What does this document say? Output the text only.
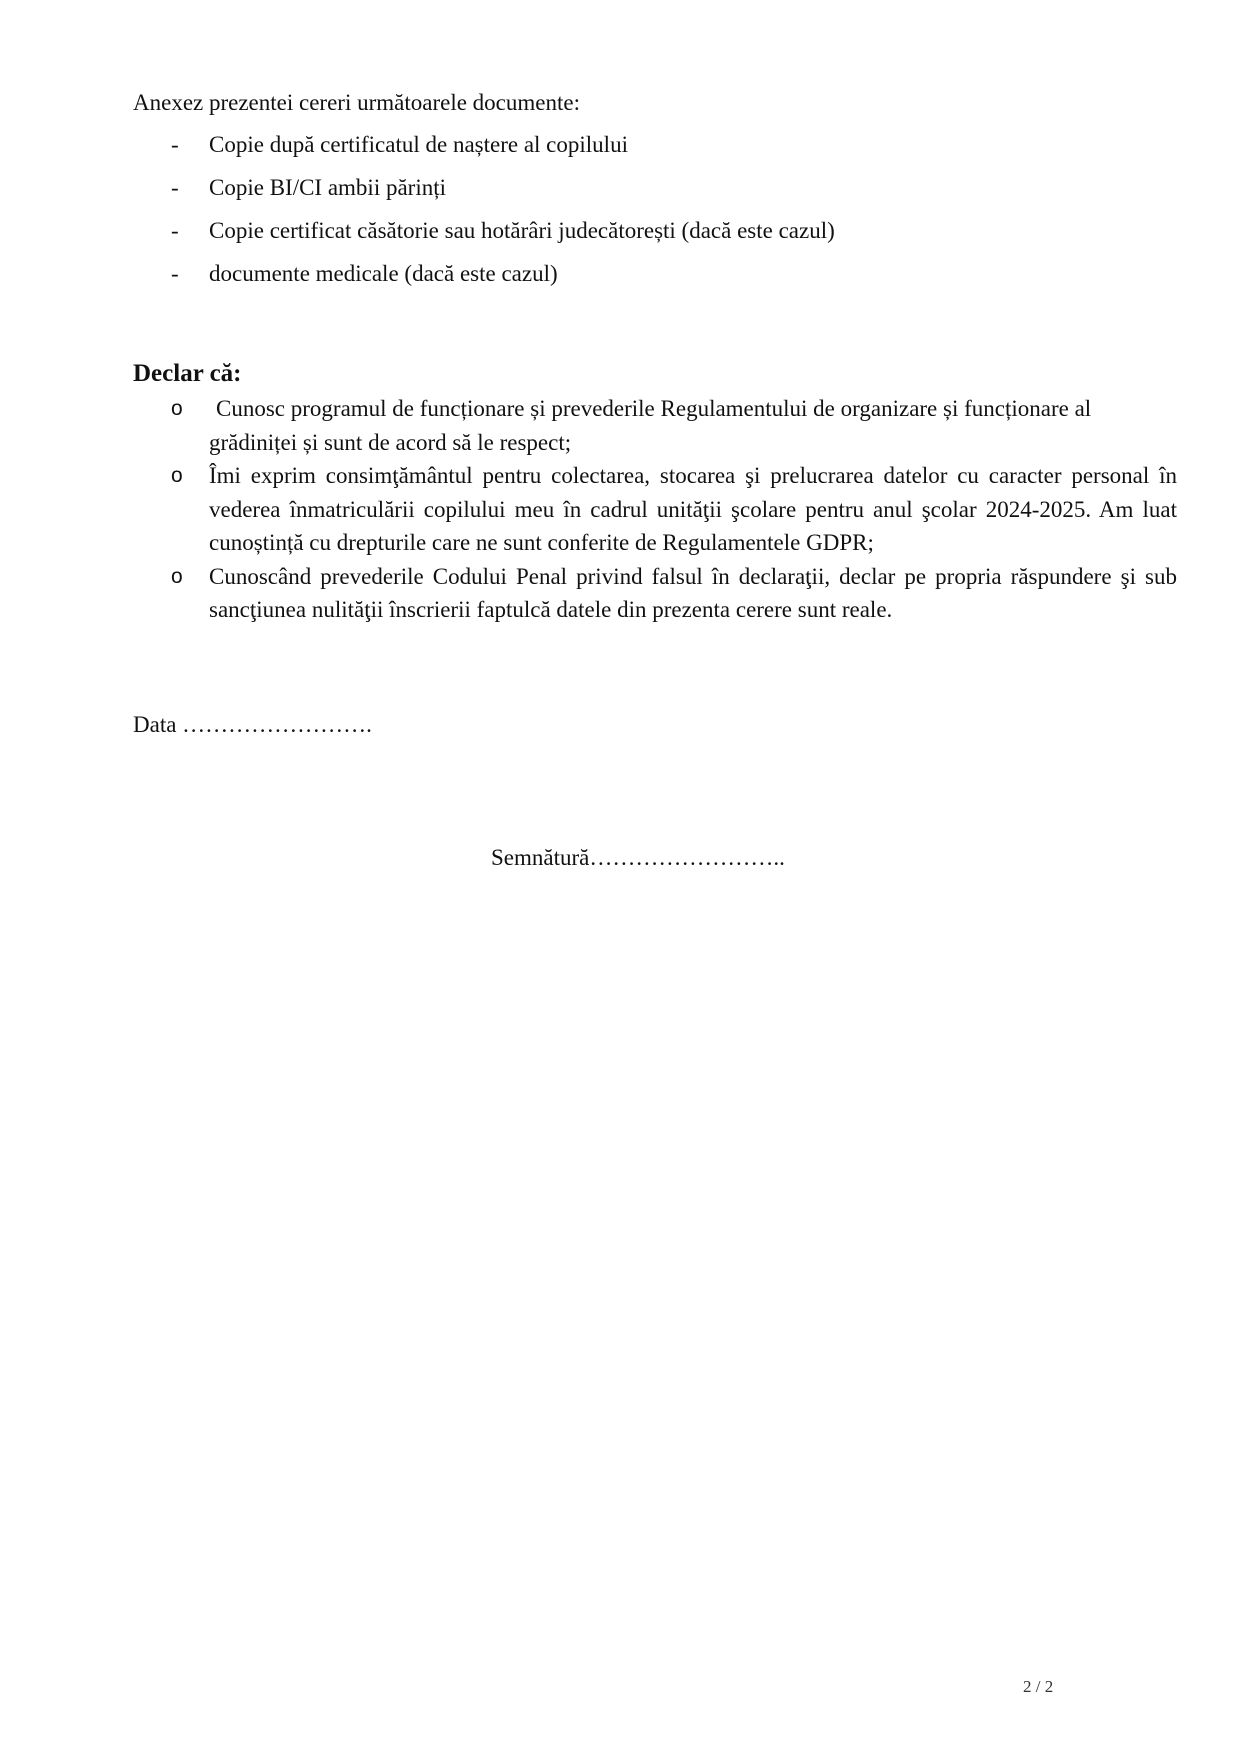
Anexez prezentei cereri următoarele documente:
- Copie după certificatul de naștere al copilului
- Copie BI/CI ambii părinți
- Copie certificat căsătorie sau hotărâri judecătorești (dacă este cazul)
- documente medicale (dacă este cazul)
Declar că:
o	Cunosc programul de funcționare și prevederile Regulamentului de organizare și funcționare al grădiniței și sunt de acord să le respect;
o Îmi exprim consimţământul pentru colectarea, stocarea şi prelucrarea datelor cu caracter personal în vederea înmatriculării copilului meu în cadrul unităţii şcolare pentru anul şcolar 2024-2025. Am luat cunoștință cu drepturile care ne sunt conferite de Regulamentele GDPR;
o Cunoscând prevederile Codului Penal privind falsul în declaraţii, declar pe propria răspundere şi sub sancţiunea nulităţii înscrierii faptulcă datele din prezenta cerere sunt reale.
Data …………………….
Semnătură……………………..
2 / 2
